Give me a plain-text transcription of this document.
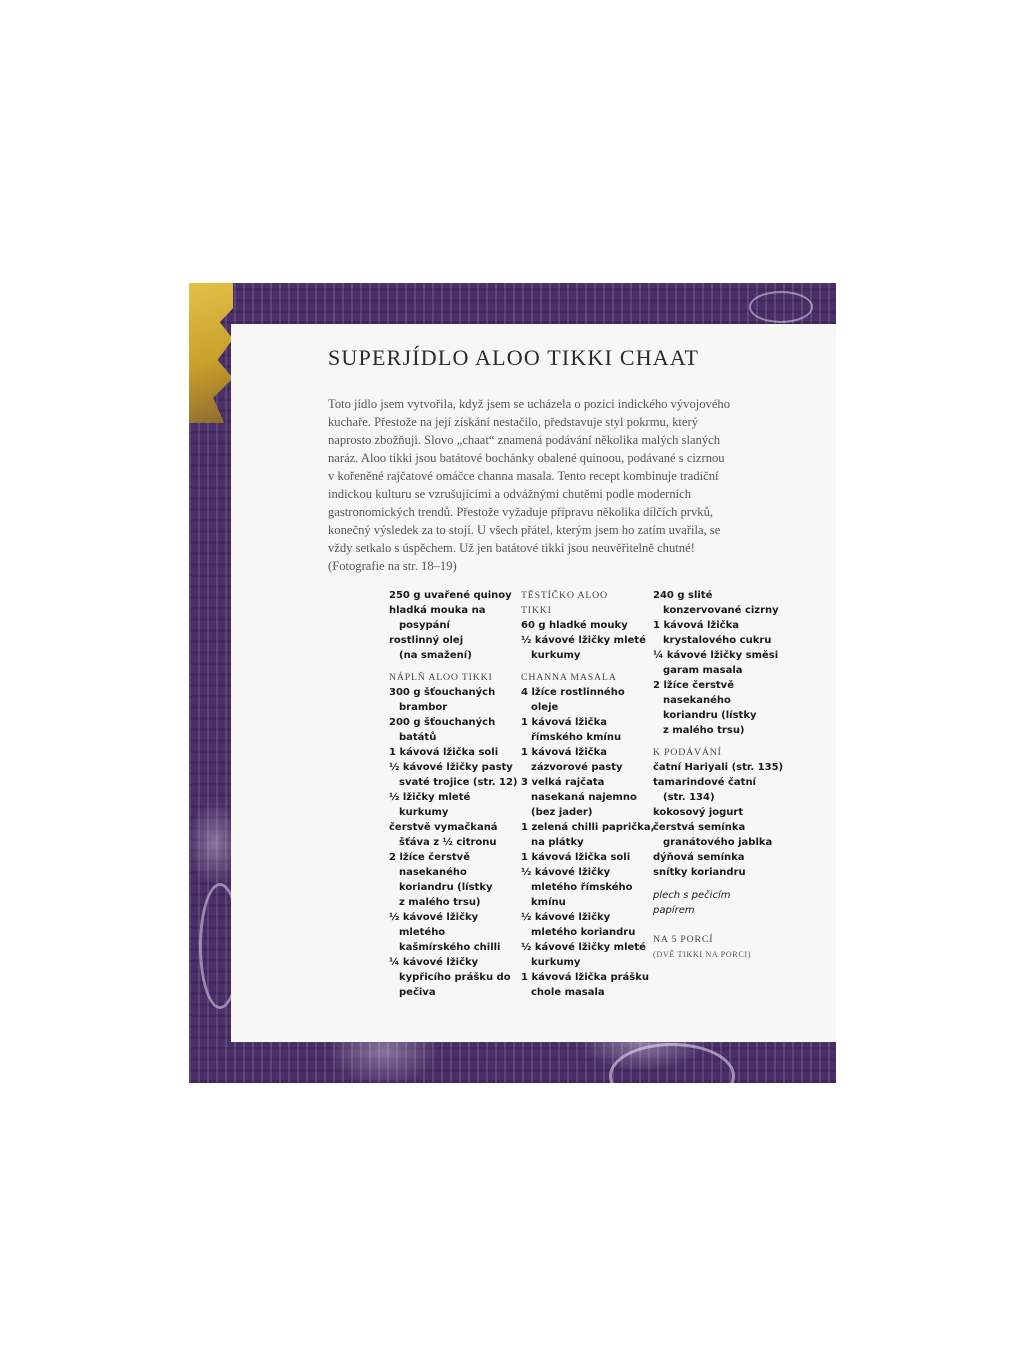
SUPERJÍDLO ALOO TIKKI CHAAT

Toto jídlo jsem vytvořila, když jsem se ucházela o pozici indického vývojového
kuchaře. Přestože na její získání nestačilo, představuje styl pokrmu, který
naprosto zbožňuji. Slovo „chaat“ znamená podávání několika malých slaných
naráz. Aloo tikki jsou batátové bochánky obalené quinoou, podávané s cizrnou
v kořeněné rajčatové omáčce channa masala. Tento recept kombinuje tradiční
indickou kulturu se vzrušujícími a odvážnými chutěmi podle moderních
gastronomických trendů. Přestože vyžaduje přípravu několika dílčích prvků,
konečný výsledek za to stojí. U všech přátel, kterým jsem ho zatím uvařila, se
vždy setkalo s úspěchem. Už jen batátové tikki jsou neuvěřitelně chutné!
(Fotografie na str. 18–19)

250 g uvařené quinoy
hladká mouka na
posypání
rostlinný olej
(na smažení)
NÁPLŇ ALOO TIKKI
300 g šťouchaných
brambor
200 g šťouchaných
batátů
1 kávová lžička soli
½ kávové lžičky pasty
svaté trojice (str. 12)
½ lžičky mleté
kurkumy
čerstvě vymačkaná
šťáva z ½ citronu
2 lžíce čerstvě
nasekaného
koriandru (lístky
z malého trsu)
½ kávové lžičky
mletého
kašmírského chilli
¼ kávové lžičky
kypřicího prášku do
pečiva
TĚSTÍČKO ALOO
TIKKI
60 g hladké mouky
½ kávové lžičky mleté
kurkumy
CHANNA MASALA
4 lžíce rostlinného
oleje
1 kávová lžička
římského kmínu
1 kávová lžička
zázvorové pasty
3 velká rajčata
nasekaná najemno
(bez jader)
1 zelená chilli paprička,
na plátky
1 kávová lžička soli
½ kávové lžičky
mletého římského
kmínu
½ kávové lžičky
mletého koriandru
½ kávové lžičky mleté
kurkumy
1 kávová lžička prášku
chole masala
240 g slité
konzervované cizrny
1 kávová lžička
krystalového cukru
¼ kávové lžičky směsi
garam masala
2 lžíce čerstvě
nasekaného
koriandru (lístky
z malého trsu)
K PODÁVÁNÍ
čatní Hariyali (str. 135)
tamarindové čatní
(str. 134)
kokosový jogurt
čerstvá semínka
granátového jablka
dýňová semínka
snítky koriandru
plech s pečicím
papírem
NA 5 PORCÍ
(DVĚ TIKKI NA PORCI)
